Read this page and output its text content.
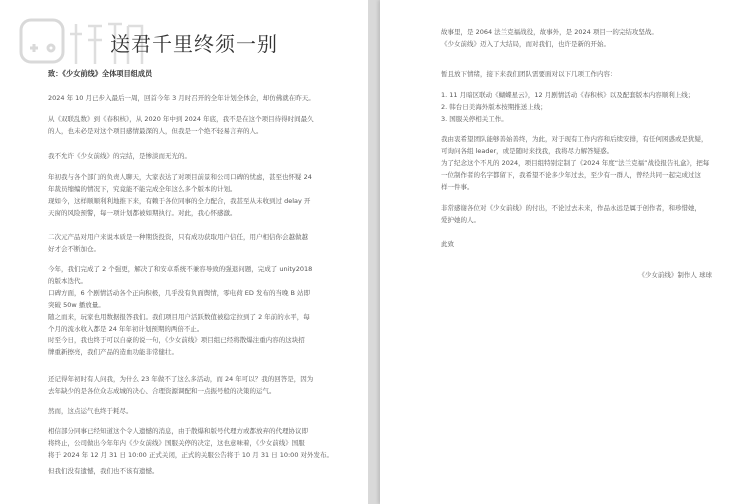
送君千里终须一别
致：《少女前线》全体项目组成员
2024 年 10 月已步入最后一周，回首今年 3 月时召开的全年计划全体会，却仿佛就在昨天。
从《双联乱数》到《春积核》，从 2020 年中到 2024 年底，我不是在这个项目待得时间最久
的人，也未必是对这个项目感情最深的人，但我是一个绝不轻易言弃的人。
我不允许《少女前线》的完结，是惨淡而无光的。
年初我与各个部门的负责人聊天，大家表达了对项目前景和公司口碑的忧虑，甚至也怀疑 24
年裁员缩编的情况下，究竟能不能完成全年这么多个版本的计划。
现如今，这样顺顺利利地推下来，有赖于各位同事的全力配合，我甚至从未收到过 delay 开
天窗的风险预警，每一项计划都被如期执行。对此，我心怀感激。
二次元产品对用户来说本质是一种期货投资，只有成功获取用户信任，用户相信你会越做越
好才会不断加仓。
今年，我们完成了 2 个强更，解决了和安卓系统不兼容导致的强退问题，完成了 unity2018
的版本迭代。
口碑方面，6 个剧情活动各个正向积极，几乎没有负面舆情，零电荷 ED 发布的当晚 B 站即
突破 50w 播放量。
随之而来，玩家也用数据报答我们。我们项目用户活跃数值被稳定拉到了 2 年前的水平，每
个月的流水收入都是 24 年年初计划预期的两倍不止。
时至今日，我也终于可以自豪的说一句，《少女前线》项目组已经将散爆注重内容的这块招
牌重新擦亮，我们产品的造血功能非常健壮。
还记得年初时有人问我，为什么 23 年做不了这么多活动，而 24 年可以？我的回答是，因为
去年缺少的是各位众志成城的决心、合理资源调配和一点振号般的决策的运气。
然而，这点运气也终于耗尽。
相信部分同事已经知道这个令人遗憾的消息，由于散爆和版号代理方或都放弃的代理协议即
将终止，公司做出今年年内《少女前线》国服关停的决定，这也意味着，《少女前线》国服
将于 2024 年 12 月 31 日 10:00 正式关闭，正式的关服公告将于 10 月 31 日 10:00 对外发布。
但我们没有遗憾，我们也不该有遗憾。
故事里，是 2064 法兰克福战役，故事外，是 2024 项目一的完结攻坚战。
《少女前线》迈入了大结局，而对我们，也许是新的开始。
暂且放下情绪，接下来我们团队需要面对以下几项工作内容：
1. 11 月暗区联动《蝴蝶星云》，12 月剧情活动《春积核》以及配套版本内容顺利上线；
2. 韩台日美海外版本按期推送上线；
3. 国服关停相关工作。
我由衷希望团队能够善始善终，为此，对于现有工作内容和后续安排，有任何困惑或是犹疑，
可询问各组 leader，或是随时来找我，我将尽力解答疑惑。
为了纪念这个不凡的 2024，项目组特别定制了《2024 年度“法兰克福”战役报告礼盒》，把每
一位制作者的名字都留下，我希望不论多少年过去，至少有一群人，曾经共同一起完成过这
样一件事。
非常感谢各位对《少女前线》的付出，不论过去未来，作品永远是属于创作者，和珍惜她，
爱护她的人。
此致
《少女前线》制作人 球球
